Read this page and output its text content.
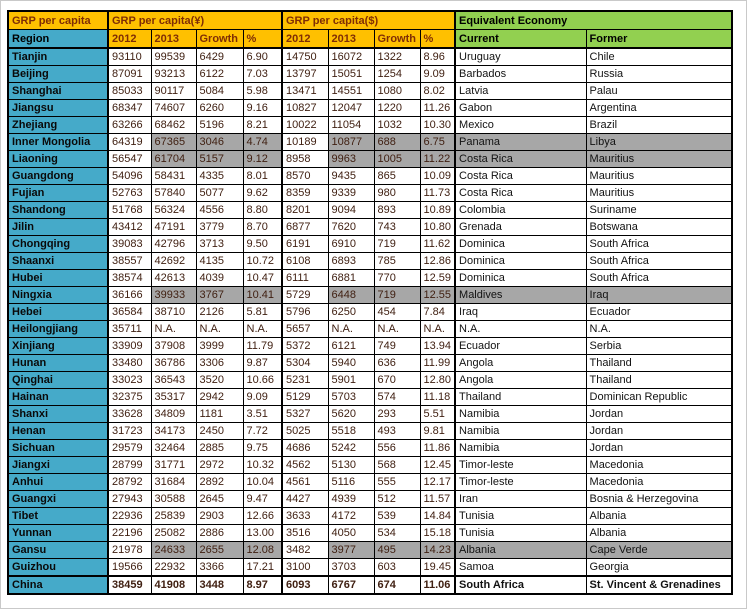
GRP per capita	GRP per capita(¥)				GRP per capita($)				Equivalent Economy	
Region	2012	2013	Growth	%	2012	2013	Growth	%	Current	Former
Tianjin	93110	99539	6429	6.90	14750	16072	1322	8.96	Uruguay	Chile
Beijing	87091	93213	6122	7.03	13797	15051	1254	9.09	Barbados	Russia
Shanghai	85033	90117	5084	5.98	13471	14551	1080	8.02	Latvia	Palau
Jiangsu	68347	74607	6260	9.16	10827	12047	1220	11.26	Gabon	Argentina
Zhejiang	63266	68462	5196	8.21	10022	11054	1032	10.30	Mexico	Brazil
Inner Mongolia	64319	67365	3046	4.74	10189	10877	688	6.75	Panama	Libya
Liaoning	56547	61704	5157	9.12	8958	9963	1005	11.22	Costa Rica	Mauritius
Guangdong	54096	58431	4335	8.01	8570	9435	865	10.09	Costa Rica	Mauritius
Fujian	52763	57840	5077	9.62	8359	9339	980	11.73	Costa Rica	Mauritius
Shandong	51768	56324	4556	8.80	8201	9094	893	10.89	Colombia	Suriname
Jilin	43412	47191	3779	8.70	6877	7620	743	10.80	Grenada	Botswana
Chongqing	39083	42796	3713	9.50	6191	6910	719	11.62	Dominica	South Africa
Shaanxi	38557	42692	4135	10.72	6108	6893	785	12.86	Dominica	South Africa
Hubei	38574	42613	4039	10.47	6111	6881	770	12.59	Dominica	South Africa
Ningxia	36166	39933	3767	10.41	5729	6448	719	12.55	Maldives	Iraq
Hebei	36584	38710	2126	5.81	5796	6250	454	7.84	Iraq	Ecuador
Heilongjiang	35711	N.A.	N.A.	N.A.	5657	N.A.	N.A.	N.A.	N.A.	N.A.
Xinjiang	33909	37908	3999	11.79	5372	6121	749	13.94	Ecuador	Serbia
Hunan	33480	36786	3306	9.87	5304	5940	636	11.99	Angola	Thailand
Qinghai	33023	36543	3520	10.66	5231	5901	670	12.80	Angola	Thailand
Hainan	32375	35317	2942	9.09	5129	5703	574	11.18	Thailand	Dominican Republic
Shanxi	33628	34809	1181	3.51	5327	5620	293	5.51	Namibia	Jordan
Henan	31723	34173	2450	7.72	5025	5518	493	9.81	Namibia	Jordan
Sichuan	29579	32464	2885	9.75	4686	5242	556	11.86	Namibia	Jordan
Jiangxi	28799	31771	2972	10.32	4562	5130	568	12.45	Timor-leste	Macedonia
Anhui	28792	31684	2892	10.04	4561	5116	555	12.17	Timor-leste	Macedonia
Guangxi	27943	30588	2645	9.47	4427	4939	512	11.57	Iran	Bosnia & Herzegovina
Tibet	22936	25839	2903	12.66	3633	4172	539	14.84	Tunisia	Albania
Yunnan	22196	25082	2886	13.00	3516	4050	534	15.18	Tunisia	Albania
Gansu	21978	24633	2655	12.08	3482	3977	495	14.23	Albania	Cape Verde
Guizhou	19566	22932	3366	17.21	3100	3703	603	19.45	Samoa	Georgia
China	38459	41908	3448	8.97	6093	6767	674	11.06	South Africa	St. Vincent & Grenadines
